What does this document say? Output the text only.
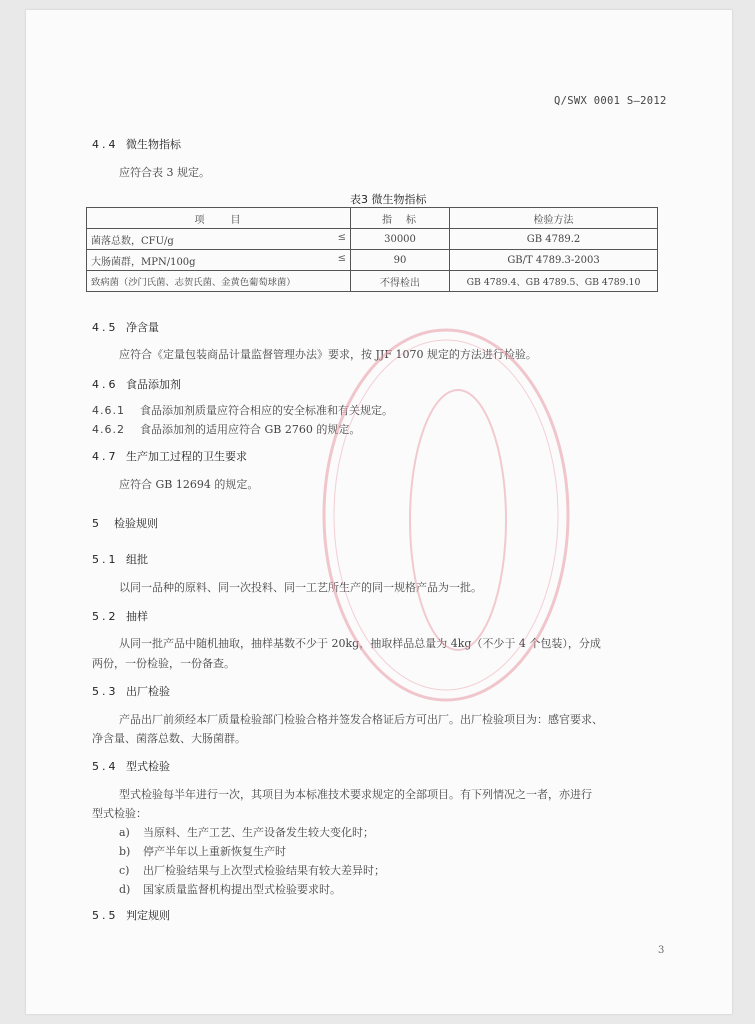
Q/SWX 0001 S—2012
4.4 微生物指标
应符合表 3 规定。
表3 微生物指标
4.5 净含量
应符合《定量包装商品计量监督管理办法》要求，按 JJF 1070 规定的方法进行检验。
4.6 食品添加剂
4.6.1 食品添加剂质量应符合相应的安全标准和有关规定。
4.6.2 食品添加剂的适用应符合 GB 2760 的规定。
4.7 生产加工过程的卫生要求
应符合 GB 12694 的规定。
5 检验规则
5.1 组批
以同一品种的原料、同一次投料、同一工艺所生产的同一规格产品为一批。
5.2 抽样
从同一批产品中随机抽取，抽样基数不少于 20kg，抽取样品总量为 4kg（不少于 4 个包装），分成
两份，一份检验，一份备查。
5.3 出厂检验
产品出厂前须经本厂质量检验部门检验合格并签发合格证后方可出厂。出厂检验项目为：感官要求、
净含量、菌落总数、大肠菌群。
5.4 型式检验
型式检验每半年进行一次，其项目为本标准技术要求规定的全部项目。有下列情况之一者，亦进行
型式检验：
a) 当原料、生产工艺、生产设备发生较大变化时；
b) 停产半年以上重新恢复生产时
c) 出厂检验结果与上次型式检验结果有较大差异时；
d) 国家质量监督机构提出型式检验要求时。
5.5 判定规则
3
项　　目	指　标	检验方法
菌落总数，CFU/g ≤	30000	GB 4789.2
大肠菌群，MPN/100g ≤	90	GB/T 4789.3-2003
致病菌（沙门氏菌、志贺氏菌、金黄色葡萄球菌）	不得检出	GB 4789.4、GB 4789.5、GB 4789.10
